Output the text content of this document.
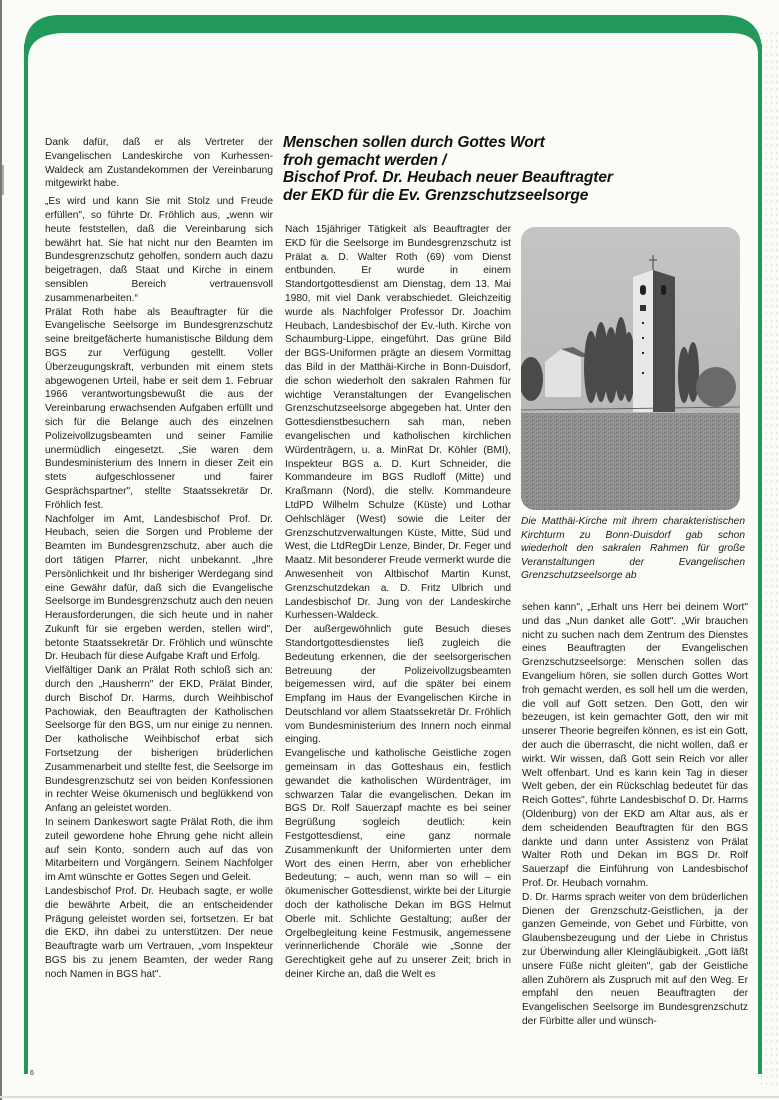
Dank dafür, daß er als Vertreter der Evangelischen Landeskirche von Kurhessen-Waldeck am Zustandekommen der Vereinbarung mitgewirkt habe.

„Es wird und kann Sie mit Stolz und Freude erfüllen", so führte Dr. Fröhlich aus, „wenn wir heute feststellen, daß die Vereinbarung sich bewährt hat. Sie hat nicht nur den Beamten im Bundesgrenzschutz geholfen, sondern auch dazu beigetragen, daß Staat und Kirche in einem sensiblen Bereich vertrauensvoll zusammenarbeiten.“

Prälat Roth habe als Beauftragter für die Evangelische Seelsorge im Bundesgrenzschutz seine breitgefächerte humanistische Bildung dem BGS zur Verfügung gestellt. Voller Überzeugungskraft, verbunden mit einem stets abgewogenen Urteil, habe er seit dem 1. Februar 1966 verantwortungsbewußt die aus der Vereinbarung erwachsenden Aufgaben erfüllt und sich für die Belange auch des einzelnen Polizeivollzugsbeamten und seiner Familie unermüdlich eingesetzt. „Sie waren dem Bundesministerium des Innern in dieser Zeit ein stets aufgeschlossener und fairer Gesprächspartner", stellte Staatssekretär Dr. Fröhlich fest.

Nachfolger im Amt, Landesbischof Prof. Dr. Heubach, seien die Sorgen und Probleme der Beamten im Bundesgrenzschutz, aber auch die dort tätigen Pfarrer, nicht unbekannt. „Ihre Persönlichkeit und Ihr bisheriger Werdegang sind eine Gewähr dafür, daß sich die Evangelische Seelsorge im Bundesgrenzschutz auch den neuen Herausforderungen, die sich heute und in naher Zukunft für sie ergeben werden, stellen wird", betonte Staatssekretär Dr. Fröhlich und wünschte Dr. Heubach für diese Aufgabe Kraft und Erfolg.

Vielfältiger Dank an Prälat Roth schloß sich an: durch den „Hausherrn" der EKD, Prälat Binder, durch Bischof Dr. Harms, durch Weihbischof Pachowiak, den Beauftragten der Katholischen Seelsorge für den BGS, um nur einige zu nennen. Der katholische Weihbischof erbat sich Fortsetzung der bisherigen brüderlichen Zusammenarbeit und stellte fest, die Seelsorge im Bundesgrenzschutz sei von beiden Konfessionen in rechter Weise ökumenisch und beglükkend von Anfang an geleistet worden.

In seinem Dankeswort sagte Prälat Roth, die ihm zuteil gewordene hohe Ehrung gehe nicht allein auf sein Konto, sondern auch auf das von Mitarbeitern und Vorgängern. Seinem Nachfolger im Amt wünschte er Gottes Segen und Geleit.

Landesbischof Prof. Dr. Heubach sagte, er wolle die bewährte Arbeit, die an entscheidender Prägung geleistet worden sei, fortsetzen. Er bat die EKD, ihn dabei zu unterstützen. Der neue Beauftragte warb um Vertrauen, „vom Inspekteur BGS bis zu jenem Beamten, der weder Rang noch Namen in BGS hat".

Menschen sollen durch Gottes Wort
froh gemacht werden /
Bischof Prof. Dr. Heubach neuer Beauftragter
der EKD für die Ev. Grenzschutzseelsorge

Nach 15jähriger Tätigkeit als Beauftragter der EKD für die Seelsorge im Bundesgrenzschutz ist Prälat a. D. Walter Roth (69) vom Dienst entbunden. Er wurde in einem Standortgottesdienst am Dienstag, dem 13. Mai 1980, mit viel Dank verabschiedet. Gleichzeitig wurde als Nachfolger Professor Dr. Joachim Heubach, Landesbischof der Ev.-luth. Kirche von Schaumburg-Lippe, eingeführt. Das grüne Bild der BGS-Uniformen prägte an diesem Vormittag das Bild in der Matthäi-Kirche in Bonn-Duisdorf, die schon wiederholt den sakralen Rahmen für wichtige Veranstaltungen der Evangelischen Grenzschutzseelsorge abgegeben hat. Unter den Gottesdienstbesuchern sah man, neben evangelischen und katholischen kirchlichen Würdenträgern, u. a. MinRat Dr. Köhler (BMI), Inspekteur BGS a. D. Kurt Schneider, die Kommandeure im BGS Rudloff (Mitte) und Kraßmann (Nord), die stellv. Kommandeure LtdPD Wilhelm Schulze (Küste) und Lothar Oehlschläger (West) sowie die Leiter der Grenzschutzverwaltungen Küste, Mitte, Süd und West, die LtdRegDir Lenze, Binder, Dr. Feger und Maatz. Mit besonderer Freude vermerkt wurde die Anwesenheit von Altbischof Martin Kunst, Grenzschutzdekan a. D. Fritz Ulbrich und Landesbischof Dr. Jung von der Landeskirche Kurhessen-Waldeck.

Der außergewöhnlich gute Besuch dieses Standortgottesdienstes ließ zugleich die Bedeutung erkennen, die der seelsorgerischen Betreuung der Polizeivollzugsbeamten beigemessen wird, auf die später bei einem Empfang im Haus der Evangelischen Kirche in Deutschland vor allem Staatssekretär Dr. Fröhlich vom Bundesministerium des Innern noch einmal einging.

Evangelische und katholische Geistliche zogen gemeinsam in das Gotteshaus ein, festlich gewandet die katholischen Würdenträger, im schwarzen Talar die evangelischen. Dekan im BGS Dr. Rolf Sauerzapf machte es bei seiner Begrüßung sogleich deutlich: kein Festgottesdienst, eine ganz normale Zusammenkunft der Uniformierten unter dem Wort des einen Herrn, aber von erheblicher Bedeutung; – auch, wenn man so will – ein ökumenischer Gottesdienst, wirkte bei der Liturgie doch der katholische Dekan im BGS Helmut Oberle mit. Schlichte Gestaltung; außer der Orgelbegleitung keine Festmusik, angemessene verinnerlichende Choräle wie „Sonne der Gerechtigkeit gehe auf zu unserer Zeit; brich in deiner Kirche an, daß die Welt es

Die Matthäi-Kirche mit ihrem charakteristischen Kirchturm zu Bonn-Duisdorf gab schon wiederholt den sakralen Rahmen für große Veranstaltungen der Evangelischen Grenzschutzseelsorge ab

sehen kann", „Erhalt uns Herr bei deinem Wort" und das „Nun danket alle Gott". „Wir brauchen nicht zu suchen nach dem Zentrum des Dienstes eines Beauftragten der Evangelischen Grenzschutzseelsorge: Menschen sollen das Evangelium hören, sie sollen durch Gottes Wort froh gemacht werden, es soll hell um die werden, die voll auf Gott setzen. Den Gott, den wir bezeugen, ist kein gemachter Gott, den wir mit unserer Theorie begreifen können, es ist ein Gott, der auch die überrascht, die nicht wollen, daß er wirkt. Wir wissen, daß Gott sein Reich vor aller Welt offenbart. Und es kann kein Tag in dieser Welt geben, der ein Rückschlag bedeutet für das Reich Gottes", führte Landesbischof D. Dr. Harms (Oldenburg) von der EKD am Altar aus, als er dem scheidenden Beauftragten für den BGS dankte und dann unter Assistenz von Prälat Walter Roth und Dekan im BGS Dr. Rolf Sauerzapf die Einführung von Landesbischof Prof. Dr. Heubach vornahm.

D. Dr. Harms sprach weiter von dem brüderlichen Dienen der Grenzschutz-Geistlichen, ja der ganzen Gemeinde, von Gebet und Fürbitte, von Glaubensbezeugung und der Liebe in Christus zur Überwindung aller Kleingläubigkeit. „Gott läßt unsere Füße nicht gleiten", gab der Geistliche allen Zuhörern als Zuspruch mit auf den Weg. Er empfahl den neuen Beauftragten der Evangelischen Seelsorge im Bundesgrenzschutz der Fürbitte aller und wünsch-

6
